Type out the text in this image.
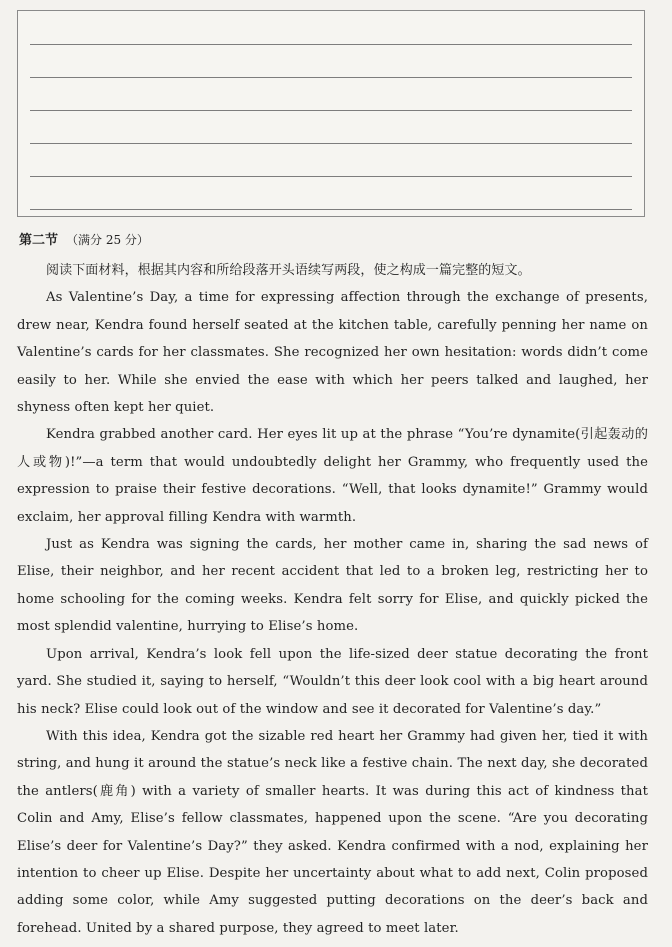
第二节 （满分 25 分）

阅读下面材料，根据其内容和所给段落开头语续写两段，使之构成一篇完整的短文。

As Valentine’s Day, a time for expressing affection through the exchange of presents, drew near, Kendra found herself seated at the kitchen table, carefully penning her name on Valentine’s cards for her classmates. She recognized her own hesitation: words didn’t come easily to her. While she envied the ease with which her peers talked and laughed, her shyness often kept her quiet.

Kendra grabbed another card. Her eyes lit up at the phrase “You’re dynamite(引起轰动的人或物)!”—a term that would undoubtedly delight her Grammy, who frequently used the expression to praise their festive decorations. “Well, that looks dynamite!” Grammy would exclaim, her approval filling Kendra with warmth.

Just as Kendra was signing the cards, her mother came in, sharing the sad news of Elise, their neighbor, and her recent accident that led to a broken leg, restricting her to home schooling for the coming weeks. Kendra felt sorry for Elise, and quickly picked the most splendid valentine, hurrying to Elise’s home.

Upon arrival, Kendra’s look fell upon the life-sized deer statue decorating the front yard. She studied it, saying to herself, “Wouldn’t this deer look cool with a big heart around his neck? Elise could look out of the window and see it decorated for Valentine’s day.”

With this idea, Kendra got the sizable red heart her Grammy had given her, tied it with string, and hung it around the statue’s neck like a festive chain. The next day, she decorated the antlers(鹿角) with a variety of smaller hearts. It was during this act of kindness that Colin and Amy, Elise’s fellow classmates, happened upon the scene. “Are you decorating Elise’s deer for Valentine’s Day?” they asked. Kendra confirmed with a nod, explaining her intention to cheer up Elise. Despite her uncertainty about what to add next, Colin proposed adding some color, while Amy suggested putting decorations on the deer’s back and forehead. United by a shared purpose, they agreed to meet later.
